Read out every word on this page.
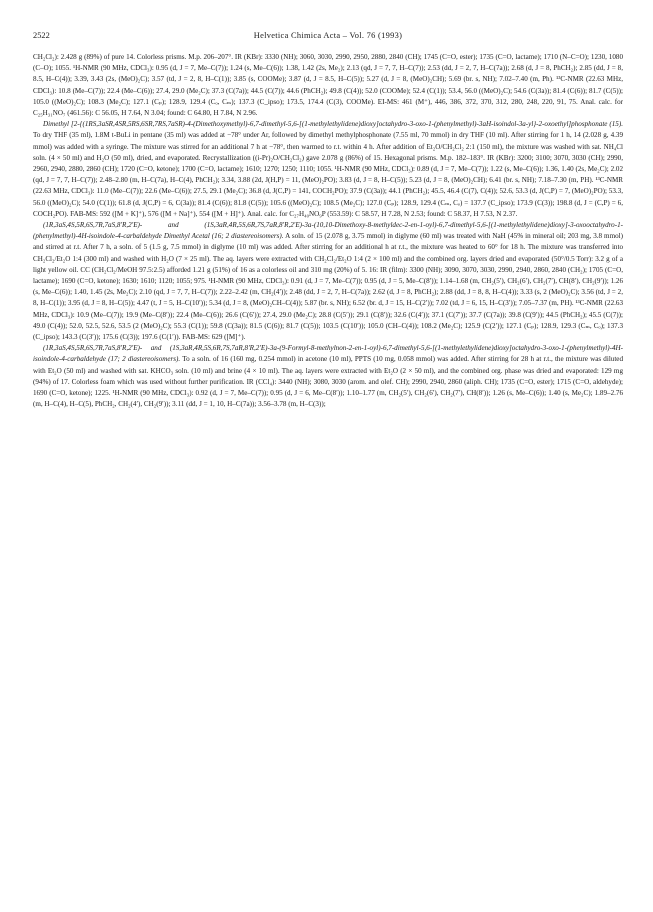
2522	Helvetica Chimica Acta – Vol. 76 (1993)

CH₂Cl₂): 2.428 g (89%) of pure 14. Colorless prisms. M.p. 206–207°. IR (KBr): 3330 (NH); 3060, 3030, 2990, 2950, 2880, 2840 (CH); 1745 (C=O, ester); 1735 (C=O, lactame); 1710 (N–C=O); 1230, 1080 (C–O); 1055. ¹H-NMR (90 MHz, CDCl₃): 0.95 (d, J = 7, Me–C(7)); 1.24 (s, Me–C(6)); 1.38, 1.42 (2s, Me₂); 2.13 (qd, J = 7, 7, H–C(7)); 2.53 (dd, J = 2, 7, H–C(7a)); 2.68 (d, J = 8, PhCH₂); 2.85 (dd, J = 8, 8.5, H–C(4)); 3.39, 3.43 (2s, (MeO)₂C); 3.57 (td, J = 2, 8, H–C(1)); 3.85 (s, COOMe); 3.87 (d, J = 8.5, H–C(5)); 5.27 (d, J = 8, (MeO)₂CH); 5.69 (br. s, NH); 7.02–7.40 (m, Ph). ¹³C-NMR (22.63 MHz, CDCl₃): 10.8 (Me–C(7)); 22.4 (Me–C(6)); 27.4, 29.0 (Me₂C); 37.3 (C(7a)); 44.5 (C(7)); 44.6 (PhCH₂); 49.8 (C(4)); 52.0 (COOMe); 52.4 (C(1)); 53.4, 56.0 ((MeO)₂C); 54.6 (C(3a)); 81.4 (C(6)); 81.7 (C(5)); 105.0 ((MeO)₂C); 108.3 (Me₂C); 127.1 (Cₚ); 128.9, 129.4 (Cₒ, Cₘ); 137.3 (C_ipso); 173.5, 174.4 (C(3), COOMe). EI-MS: 461 (M⁺), 446, 386, 372, 370, 312, 280, 248, 220, 91, 75. Anal. calc. for C₂₅H₃₁NO₇ (461.56): C 56.05, H 7.64, N 3.04; found: C 64.80, H 7.84, N 2.96.

Dimethyl [2-{(1RS,3aSR,4SR,5RS,6SR,7RS,7aSR)-4-(Dimethoxymethyl)-6,7-dimethyl-5,6-[(1-methylethylidene)dioxy]octahydro-3-oxo-1-(phenylmethyl)-3aH-isoindol-3a-yl}-2-oxoethyl]phosphonate (15). To dry THF (35 ml), 1.8M t-BuLi in pentane (35 ml) was added at −78° under Ar, followed by dimethyl methylphosphonate (7.55 ml, 70 mmol) in dry THF (10 ml). After stirring for 1 h, 14 (2.028 g, 4.39 mmol) was added with a syringe. The mixture was stirred for an additional 7 h at −78°, then warmed to r.t. within 4 h. After addition of Et₂O/CH₂Cl₂ 2:1 (150 ml), the mixture was washed with sat. NH₄Cl soln. (4 × 50 ml) and H₂O (50 ml), dried, and evaporated. Recrystallization ((i-Pr)₂O/CH₂Cl₂) gave 2.078 g (86%) of 15. Hexagonal prisms. M.p. 182–183°. IR (KBr): 3200; 3100; 3070, 3030 (CH); 2990, 2960, 2940, 2880, 2860 (CH); 1720 (C=O, ketone); 1700 (C=O, lactame); 1610; 1270; 1250; 1110; 1055. ¹H-NMR (90 MHz, CDCl₃): 0.89 (d, J = 7, Me–C(7)); 1.22 (s, Me–C(6)); 1.36, 1.40 (2s, Me₂C); 2.02 (qd, J = 7, 7, H–C(7)); 2.48–2.80 (m, H–C(7a), H–C(4), PhCH₂); 3.34, 3.88 (2d, J(H,P) = 11, (MeO)₂PO); 3.83 (d, J = 8, H–C(5)); 5.23 (d, J = 8, (MeO)₂CH); 6.41 (br. s, NH); 7.18–7.30 (m, PH). ¹³C-NMR (22.63 MHz, CDCl₃): 11.0 (Me–C(7)); 22.6 (Me–C(6)); 27.5, 29.1 (Me₂C); 36.8 (d, J(C,P) = 141, COCH₂PO); 37.9 (C(3a)); 44.1 (PhCH₂); 45.5, 46.4 (C(7), C(4)); 52.6, 53.3 (d, J(C,P) = 7, (MeO)₂PO); 53.3, 56.0 ((MeO)₂C); 54.0 (C(1)); 61.8 (d, J(C,P) = 6, C(3a)); 81.4 (C(6)); 81.8 (C(5)); 105.6 ((MeO)₂C); 108.5 (Me₂C); 127.0 (Cₚ); 128.9, 129.4 (Cₘ, Cₒ) = 137.7 (C_ipso); 173.9 (C(3)); 198.8 (d, J = (C,P) = 6, COCH₂PO). FAB-MS: 592 ([M + K]⁺), 576 ([M + Na]⁺), 554 ([M + H]⁺). Anal. calc. for C₂₇H₄₀NO₉P (553.59): C 58.57, H 7.28, N 2.53; found: C 58.37, H 7.53, N 2.37.

(1R,3aS,4S,5R,6S,7R,7aS,8′R,2′E)- and (1S,3aR,4R,5S,6R,7S,7aR,8′R,2′E)-3a-(10,10-Dimethoxy-8-methyldec-2-en-1-oyl)-6,7-dimethyl-5,6-[(1-methylethylidene)dioxy]-3-oxooctahydro-1-(phenylmethyl)-4H-isoindole-4-carbaldehyde Dimethyl Acetal (16; 2 diastereoisomers). A soln. of 15 (2.078 g, 3.75 mmol) in diglyme (60 ml) was treated with NaH (45% in mineral oil; 203 mg, 3.8 mmol) and stirred at r.t. After 7 h, a soln. of 5 (1.5 g, 7.5 mmol) in diglyme (10 ml) was added. After stirring for an additional h at r.t., the mixture was heated to 60° for 18 h. The mixture was transferred into CH₂Cl₂/Et₂O 1:4 (300 ml) and washed with H₂O (7 × 25 ml). The aq. layers were extracted with CH₂Cl₂/Et₂O 1:4 (2 × 100 ml) and the combined org. layers dried and evaporated (50°/0.5 Torr): 3.2 g of a light yellow oil. CC (CH₂Cl₂/MeOH 97.5:2.5) afforded 1.21 g (51%) of 16 as a colorless oil and 310 mg (20%) of 5. 16: IR (film): 3300 (NH); 3090, 3070, 3030, 2990, 2940, 2860, 2840 (CH₂); 1705 (C=O, lactame); 1690 (C=O, ketone); 1630; 1610; 1120; 1055; 975. ¹H-NMR (90 MHz, CDCl₃): 0.91 (d, J = 7, Me–C(7)); 0.95 (d, J = 5, Me–C(8′)); 1.14–1.68 (m, CH₂(5′), CH₂(6′), CH₂(7′), CH(8′), CH₂(9′)); 1.26 (s, Me–C(6)); 1.40, 1.45 (2s, Me₂C); 2.10 (qd, J = 7, 7, H–C(7)); 2.22–2.42 (m, CH₂(4′)); 2.48 (dd, J = 2, 7, H–C(7a)); 2.62 (d, J = 8, PhCH₂); 2.88 (dd, J = 8, 8, H–C(4)); 3.33 (s, 2 (MeO)₂C); 3.56 (td, J = 2, 8, H–C(1)); 3.95 (d, J = 8, H–C(5)); 4.47 (t, J = 5, H–C(10′)); 5.34 (d, J = 8, (MeO)₂CH–C(4)); 5.87 (br. s, NH); 6.52 (br. d, J = 15, H–C(2′)); 7.02 (td, J = 6, 15, H–C(3′)); 7.05–7.37 (m, PH). ¹³C-NMR (22.63 MHz, CDCl₃): 10.9 (Me–C(7)); 19.9 (Me–C(8′)); 22.4 (Me–C(6)); 26.6 (C(6′)); 27.4, 29.0 (Me₂C); 28.8 (C(5′)); 29.1 (C(8′)); 32.6 (C(4′)); 37.1 (C(7′)); 37.7 (C(7a)); 39.8 (C(9′)); 44.5 (PhCH₂); 45.5 (C(7)); 49.0 (C(4)); 52.0, 52.5, 52.6, 53.5 (2 (MeO)₂C); 55.3 (C(1)); 59.8 (C(3a)); 81.5 (C(6)); 81.7 (C(5)); 103.5 (C(10′)); 105.0 (CH–C(4)); 108.2 (Me₂C); 125.9 (C(2′)); 127.1 (Cₚ); 128.9, 129.3 (Cₘ, Cₒ); 137.3 (C_ipso); 143.3 (C(3′)); 175.6 (C(3)); 197.6 (C(1′)). FAB-MS: 629 ([M]⁺).

(1R,3aS,4S,5R,6S,7R,7aS,8′R,2′E)- and (1S,3aR,4R,5S,6R,7S,7aR,8′R,2′E)-3a-(9-Formyl-8-methylnon-2-en-1-oyl)-6,7-dimethyl-5,6-[(1-methylethylidene)dioxy]octahydro-3-oxo-1-(phenylmethyl)-4H-isoindole-4-carbaldehyde (17; 2 diastereoisomers). To a soln. of 16 (160 mg, 0.254 mmol) in acetone (10 ml), PPTS (10 mg, 0.058 mmol) was added. After stirring for 28 h at r.t., the mixture was diluted with Et₂O (50 ml) and washed with sat. KHCO₃ soln. (10 ml) and brine (4 × 10 ml). The aq. layers were extracted with Et₂O (2 × 50 ml), and the combined org. phase was dried and evaporated: 129 mg (94%) of 17. Colorless foam which was used without further purification. IR (CCl₄): 3440 (NH); 3080, 3030 (arom. and olef. CH); 2990, 2940, 2860 (aliph. CH); 1735 (C=O, ester); 1715 (C=O, aldehyde); 1690 (C=O, ketone); 1225. ¹H-NMR (90 MHz, CDCl₃): 0.92 (d, J = 7, Me–C(7)); 0.95 (d, J = 6, Me–C(8′)); 1.10–1.77 (m, CH₂(5′), CH₂(6′), CH₂(7′), CH(8′)); 1.26 (s, Me–C(6)); 1.40 (s, Me₂C); 1.89–2.76 (m, H–C(4), H–C(5), PhCH₂, CH₂(4′), CH₂(9′)); 3.11 (dd, J = 1, 10, H–C(7a)); 3.56–3.78 (m, H–C(3));
